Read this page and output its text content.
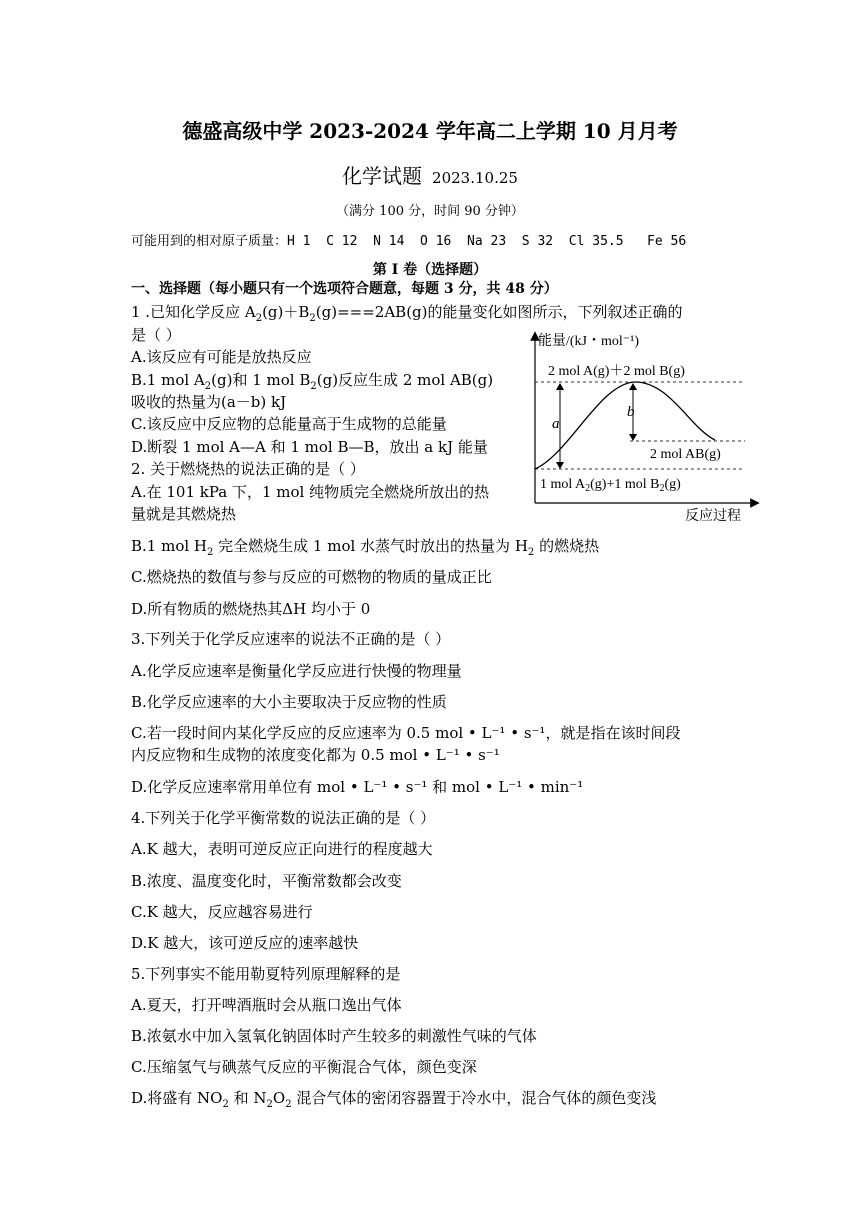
德盛高级中学 2023-2024 学年高二上学期 10 月月考
化学试题 2023.10.25
（满分 100 分，时间 90 分钟）
可能用到的相对原子质量：H 1  C 12  N 14  O 16  Na 23  S 32  Cl 35.5   Fe 56
第 I 卷（选择题）
一、选择题（每小题只有一个选项符合题意，每题 3 分，共 48 分）
1 .已知化学反应 $A_2(g)+B_2(g)===2AB(g)$的能量变化如图所示，下列叙述正确的
是（ ）
A.该反应有可能是放热反应
B.1 mol $A_2(g)$和 1 mol $B_2(g)$反应生成 2 mol AB(g)
吸收的热量为(a－b) kJ
C.该反应中反应物的总能量高于生成物的总能量
D.断裂 1 mol A—A 和 1 mol B—B，放出 a kJ 能量
2. 关于燃烧热的说法正确的是（ ）
A.在 101 kPa 下，1 mol 纯物质完全燃烧所放出的热
量就是其燃烧热
B.1 mol $H_2$ 完全燃烧生成 1 mol 水蒸气时放出的热量为 $H_2$ 的燃烧热
C.燃烧热的数值与参与反应的可燃物的物质的量成正比
D.所有物质的燃烧热其ΔH 均小于 0
3.下列关于化学反应速率的说法不正确的是（ ）
A.化学反应速率是衡量化学反应进行快慢的物理量
B.化学反应速率的大小主要取决于反应物的性质
C.若一段时间内某化学反应的反应速率为 0.5 mol • L⁻¹ • s⁻¹，就是指在该时间段
内反应物和生成物的浓度变化都为 0.5 mol • L⁻¹ • s⁻¹
D.化学反应速率常用单位有 mol • L⁻¹ • s⁻¹ 和 mol • L⁻¹ • min⁻¹
4.下列关于化学平衡常数的说法正确的是（ ）
A.K 越大，表明可逆反应正向进行的程度越大
B.浓度、温度变化时，平衡常数都会改变
C.K 越大，反应越容易进行
D.K 越大，该可逆反应的速率越快
5.下列事实不能用勒夏特列原理解释的是
A.夏天，打开啤酒瓶时会从瓶口逸出气体
B.浓氨水中加入氢氧化钠固体时产生较多的刺激性气味的气体
C.压缩氢气与碘蒸气反应的平衡混合气体，颜色变深
D.将盛有 $NO_2$ 和 $N_2O_2$ 混合气体的密闭容器置于冷水中，混合气体的颜色变浅
能量/(kJ・mol⁻¹)
2 mol A(g)＋2 mol B(g)
2 mol AB(g)
1 mol $A_2(g)+1$ mol $B_2(g)$
a
b
反应过程
